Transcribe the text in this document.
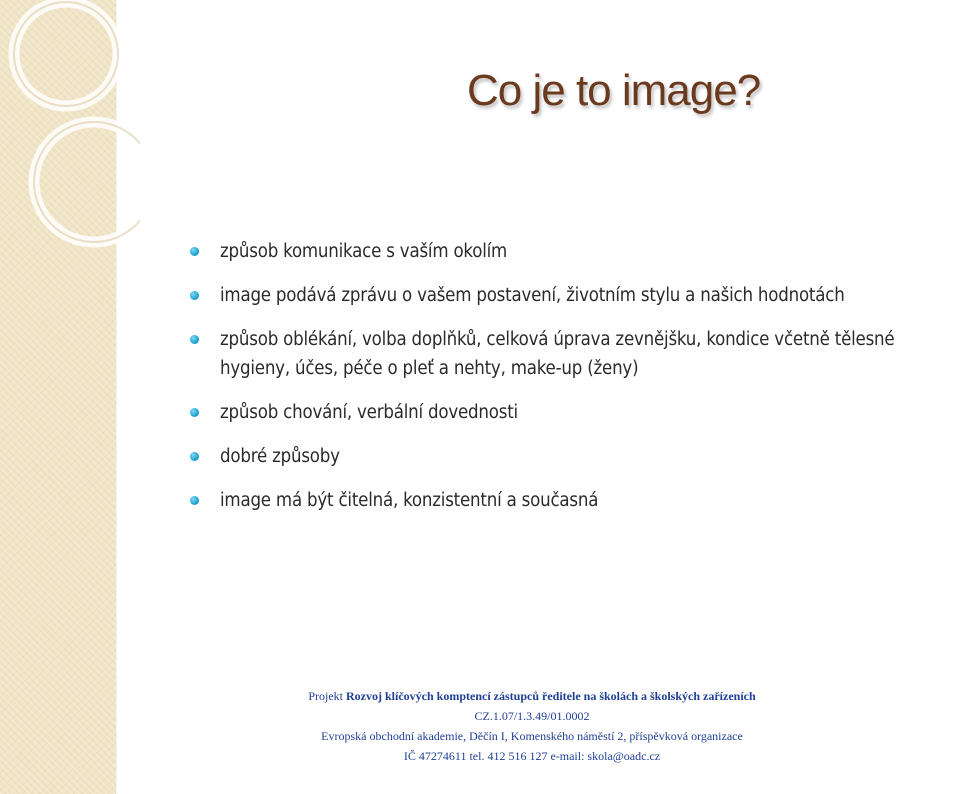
Co je to image?
způsob komunikace s vaším okolím
image podává zprávu o vašem postavení, životním stylu a našich hodnotách
způsob oblékání, volba doplňků, celková úprava zevnějšku, kondice včetně tělesné hygieny, účes, péče o pleť a nehty, make-up (ženy)
způsob chování, verbální dovednosti
dobré způsoby
image má být čitelná, konzistentní a současná
Projekt Rozvoj klíčových komptencí zástupců ředitele na školách a školských zařízeních
CZ.1.07/1.3.49/01.0002
Evropská obchodní akademie, Děčín I, Komenského náměstí 2, příspěvková organizace
IČ 47274611 tel. 412 516 127 e-mail: skola@oadc.cz
